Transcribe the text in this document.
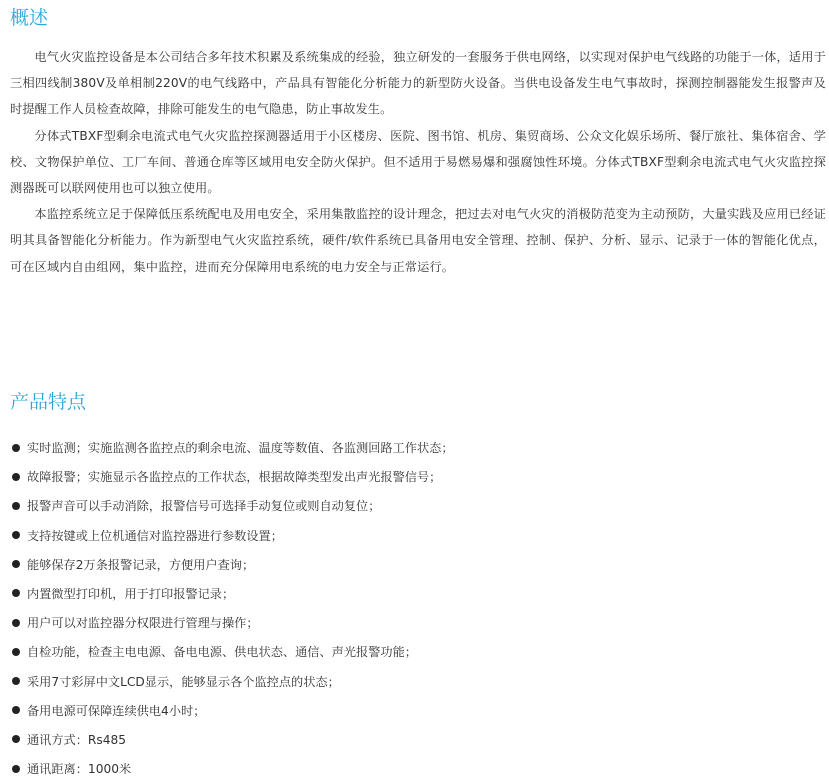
概述

电气火灾监控设备是本公司结合多年技术积累及系统集成的经验，独立研发的一套服务于供电网络，以实现对保护电气线路的功能于一体，适用于三相四线制380V及单相制220V的电气线路中，产品具有智能化分析能力的新型防火设备。当供电设备发生电气事故时，探测控制器能发生报警声及时提醒工作人员检查故障，排除可能发生的电气隐患，防止事故发生。

分体式TBXF型剩余电流式电气火灾监控探测器适用于小区楼房、医院、图书馆、机房、集贸商场、公众文化娱乐场所、餐厅旅社、集体宿舍、学校、文物保护单位、工厂车间、普通仓库等区域用电安全防火保护。但不适用于易燃易爆和强腐蚀性环境。分体式TBXF型剩余电流式电气火灾监控探测器既可以联网使用也可以独立使用。

本监控系统立足于保障低压系统配电及用电安全，采用集散监控的设计理念，把过去对电气火灾的消极防范变为主动预防，大量实践及应用已经证明其具备智能化分析能力。作为新型电气火灾监控系统，硬件/软件系统已具备用电安全管理、控制、保护、分析、显示、记录于一体的智能化优点，可在区域内自由组网，集中监控，进而充分保障用电系统的电力安全与正常运行。

产品特点
实时监测；实施监测各监控点的剩余电流、温度等数值、各监测回路工作状态；
故障报警；实施显示各监控点的工作状态，根据故障类型发出声光报警信号；
报警声音可以手动消除，报警信号可选择手动复位或则自动复位；
支持按键或上位机通信对监控器进行参数设置；
能够保存2万条报警记录，方便用户查询；
内置微型打印机，用于打印报警记录；
用户可以对监控器分权限进行管理与操作；
自检功能，检查主电电源、备电电源、供电状态、通信、声光报警功能；
采用7寸彩屏中文LCD显示，能够显示各个监控点的状态；
备用电源可保障连续供电4小时；
通讯方式：Rs485
通讯距离：1000米
